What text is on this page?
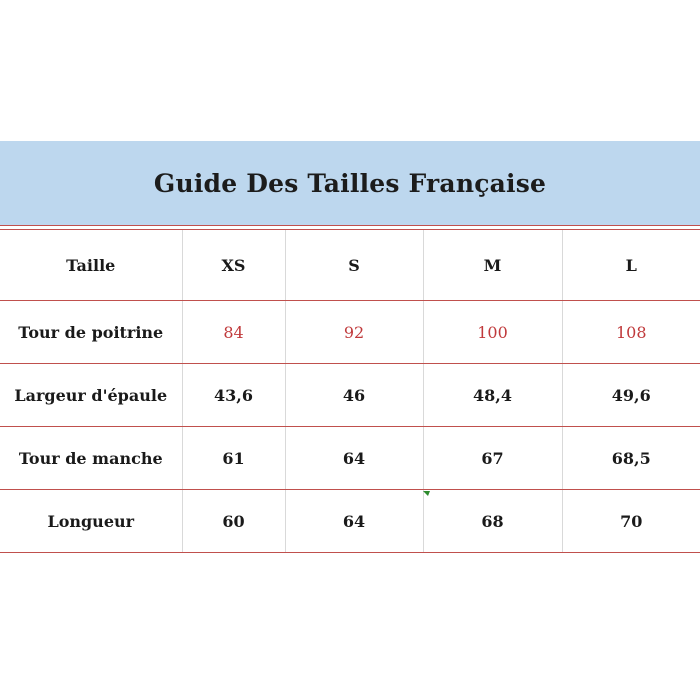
Guide Des Tailles Française
Taille	XS	S	M	L
Tour de poitrine	84	92	100	108
Largeur d'épaule	43,6	46	48,4	49,6
Tour de manche	61	64	67	68,5
Longueur	60	64	68	70
